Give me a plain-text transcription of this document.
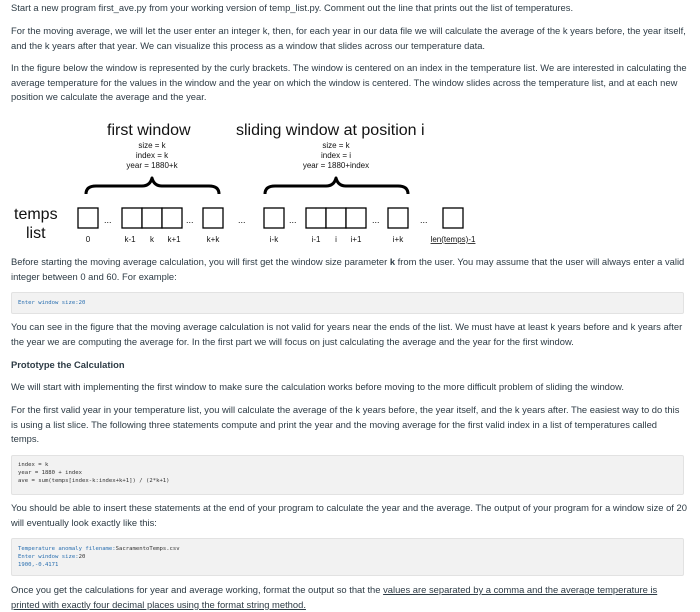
Start a new program first_ave.py from your working version of temp_list.py. Comment out the line that prints out the list of temperatures.

For the moving average, we will let the user enter an integer k, then, for each year in our data file we will calculate the average of the k years before, the year itself, and the k years after that year. We can visualize this process as a window that slides across our temperature data.

In the figure below the window is represented by the curly brackets. The window is centered on an index in the temperature list. We are interested in calculating the average temperature for the values in the window and the year on which the window is centered. The window slides across the temperature list, and at each new position we calculate the average and the year.

first window	sliding window at position i
size = k
index = k
year = 1880+k
size = k
index = i
year = 1880+index
temps
list
...	...	...	...	...	...
0	k-1 k k+1	k+k	i-k	i-1 i i+1	i+k	len(temps)-1

Before starting the moving average calculation, you will first get the window size parameter k from the user. You may assume that the user will always enter a valid integer between 0 and 60. For example:

Enter window size:20

You can see in the figure that the moving average calculation is not valid for years near the ends of the list. We must have at least k years before and k years after the year we are computing the average for. In the first part we will focus on just calculating the average and the year for the first window.

Prototype the Calculation

We will start with implementing the first window to make sure the calculation works before moving to the more difficult problem of sliding the window.

For the first valid year in your temperature list, you will calculate the average of the k years before, the year itself, and the k years after. The easiest way to do this is using a list slice. The following three statements compute and print the year and the moving average for the first valid index in a list of temperatures called temps.

index = k
year = 1880 + index
ave = sum(temps[index-k:index+k+1]) / (2*k+1)

You should be able to insert these statements at the end of your program to calculate the year and the average. The output of your program for a window size of 20 will eventually look exactly like this:

Temperature anomaly filename:SacramentoTemps.csv
Enter window size:20
1900,-0.4171

Once you get the calculations for year and average working, format the output so that the values are separated by a comma and the average temperature is printed with exactly four decimal places using the format string method.
